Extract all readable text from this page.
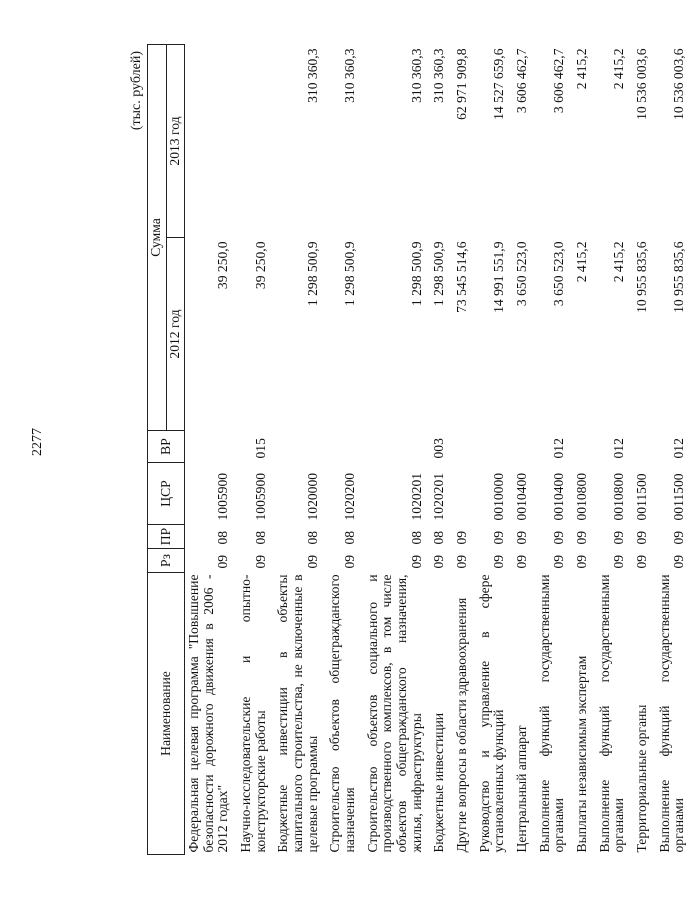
2277
(тыс. рублей)
Наименование	Рз	ПР	ЦСР	ВР	Сумма	
					2012 год	2013 год
Федеральная целевая программа "Повышение безопасности дорожного движения в 2006 - 2012 годах"	09	08	1005900		39 250,0	
Научно-исследовательские и опытно-конструкторские работы	09	08	1005900	015	39 250,0	
Бюджетные инвестиции в объекты капитального строительства, не включенные в целевые программы	09	08	1020000		1 298 500,9	310 360,3
Строительство объектов общегражданского назначения	09	08	1020200		1 298 500,9	310 360,3
Строительство объектов социального и производственного комплексов, в том числе объектов общегражданского назначения, жилья, инфраструктуры	09	08	1020201		1 298 500,9	310 360,3
Бюджетные инвестиции	09	08	1020201	003	1 298 500,9	310 360,3
Другие вопросы в области здравоохранения	09	09			73 545 514,6	62 971 909,8
Руководство и управление в сфере установленных функций	09	09	0010000		14 991 551,9	14 527 659,6
Центральный аппарат	09	09	0010400		3 650 523,0	3 606 462,7
Выполнение функций государственными органами	09	09	0010400	012	3 650 523,0	3 606 462,7
Выплаты независимым экспертам	09	09	0010800		2 415,2	2 415,2
Выполнение функций государственными органами	09	09	0010800	012	2 415,2	2 415,2
Территориальные органы	09	09	0011500		10 955 835,6	10 536 003,6
Выполнение функций государственными органами	09	09	0011500	012	10 955 835,6	10 536 003,6
